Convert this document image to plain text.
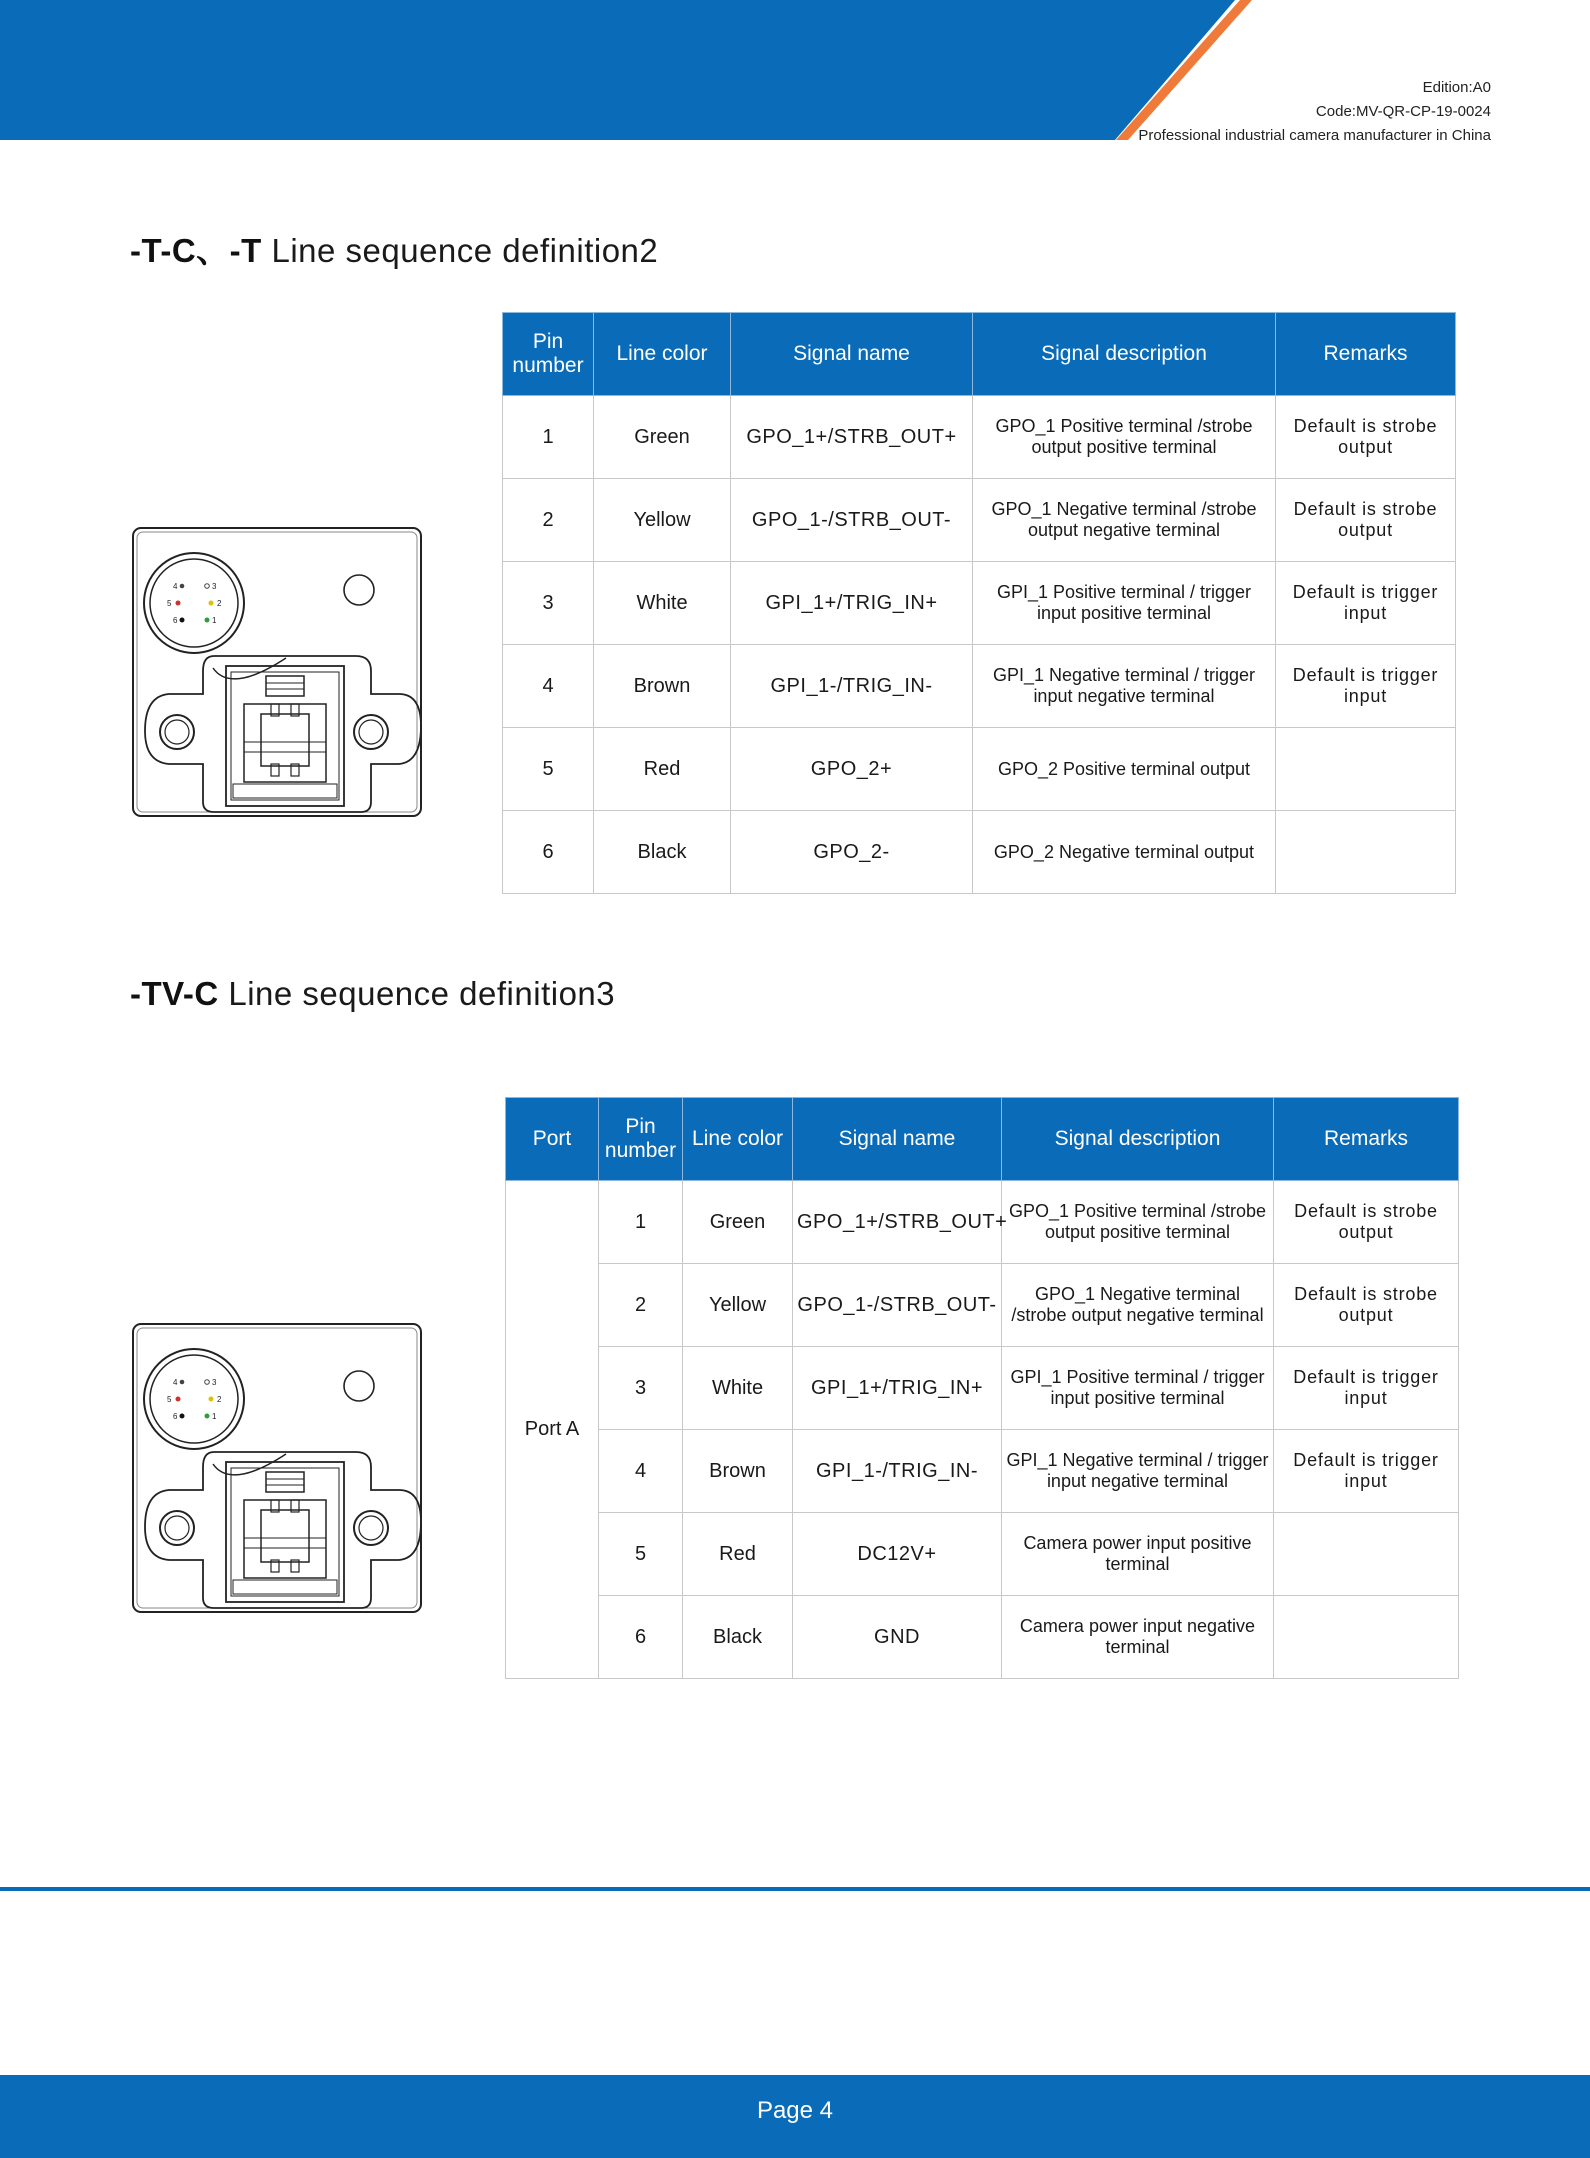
Edition:A0
Code:MV-QR-CP-19-0024
Professional industrial camera manufacturer in China
-T-C、-T Line sequence definition2
4	3
5	2
6	1
Pin number	Line color	Signal name	Signal description	Remarks
1	Green	GPO_1+/STRB_OUT+	GPO_1 Positive terminal /strobe output positive terminal	Default is strobe output
2	Yellow	GPO_1-/STRB_OUT-	GPO_1 Negative terminal /strobe output negative terminal	Default is strobe output
3	White	GPI_1+/TRIG_IN+	GPI_1 Positive terminal / trigger input positive terminal	Default is trigger input
4	Brown	GPI_1-/TRIG_IN-	GPI_1 Negative terminal / trigger input negative terminal	Default is trigger input
5	Red	GPO_2+	GPO_2 Positive terminal output	
6	Black	GPO_2-	GPO_2 Negative terminal output	
-TV-C Line sequence definition3
4	3
5	2
6	1
Port	Pin number	Line color	Signal name	Signal description	Remarks
Port A	1	Green	GPO_1+/STRB_OUT+	GPO_1 Positive terminal /strobe output positive terminal	Default is strobe output
	2	Yellow	GPO_1-/STRB_OUT-	GPO_1 Negative terminal /strobe output negative terminal	Default is strobe output
	3	White	GPI_1+/TRIG_IN+	GPI_1 Positive terminal / trigger input positive terminal	Default is trigger input
	4	Brown	GPI_1-/TRIG_IN-	GPI_1 Negative terminal / trigger input negative terminal	Default is trigger input
	5	Red	DC12V+	Camera power input positive terminal	
	6	Black	GND	Camera power input negative terminal	
Page 4
